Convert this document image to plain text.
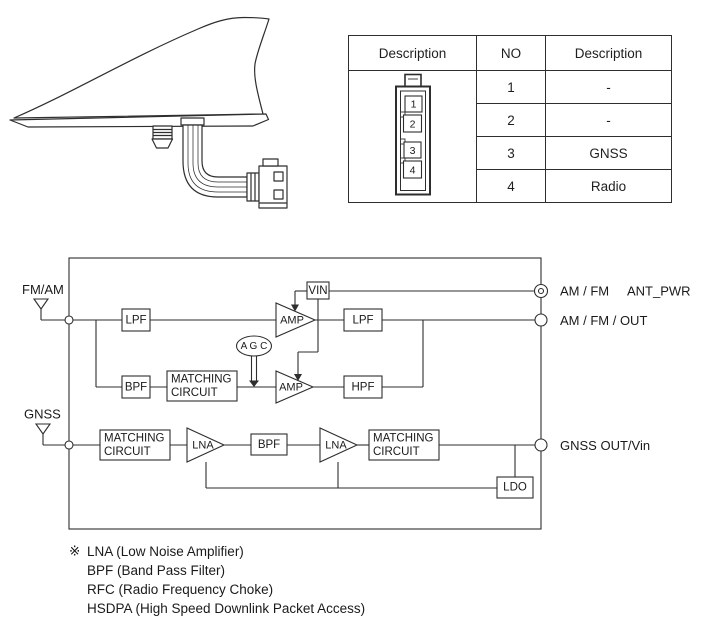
Description	NO	Description

1
2
3
4	1	-
	2	-
	3	GNSS
	4	Radio
LPF	AMP
VIN
LPF
BPF
A G C
AMP	HPF
LNA	BPF	LNA
LDO
MATCHING
CIRCUIT
MATCHING
CIRCUIT
MATCHING
CIRCUIT
FM/AM
GNSS
AM / FM ANT_PWR
AM / FM / OUT
GNSS OUT/Vin
※ LNA (Low Noise Amplifier)
BPF (Band Pass Filter)
RFC (Radio Frequency Choke)
HSDPA (High Speed Downlink Packet Access)
